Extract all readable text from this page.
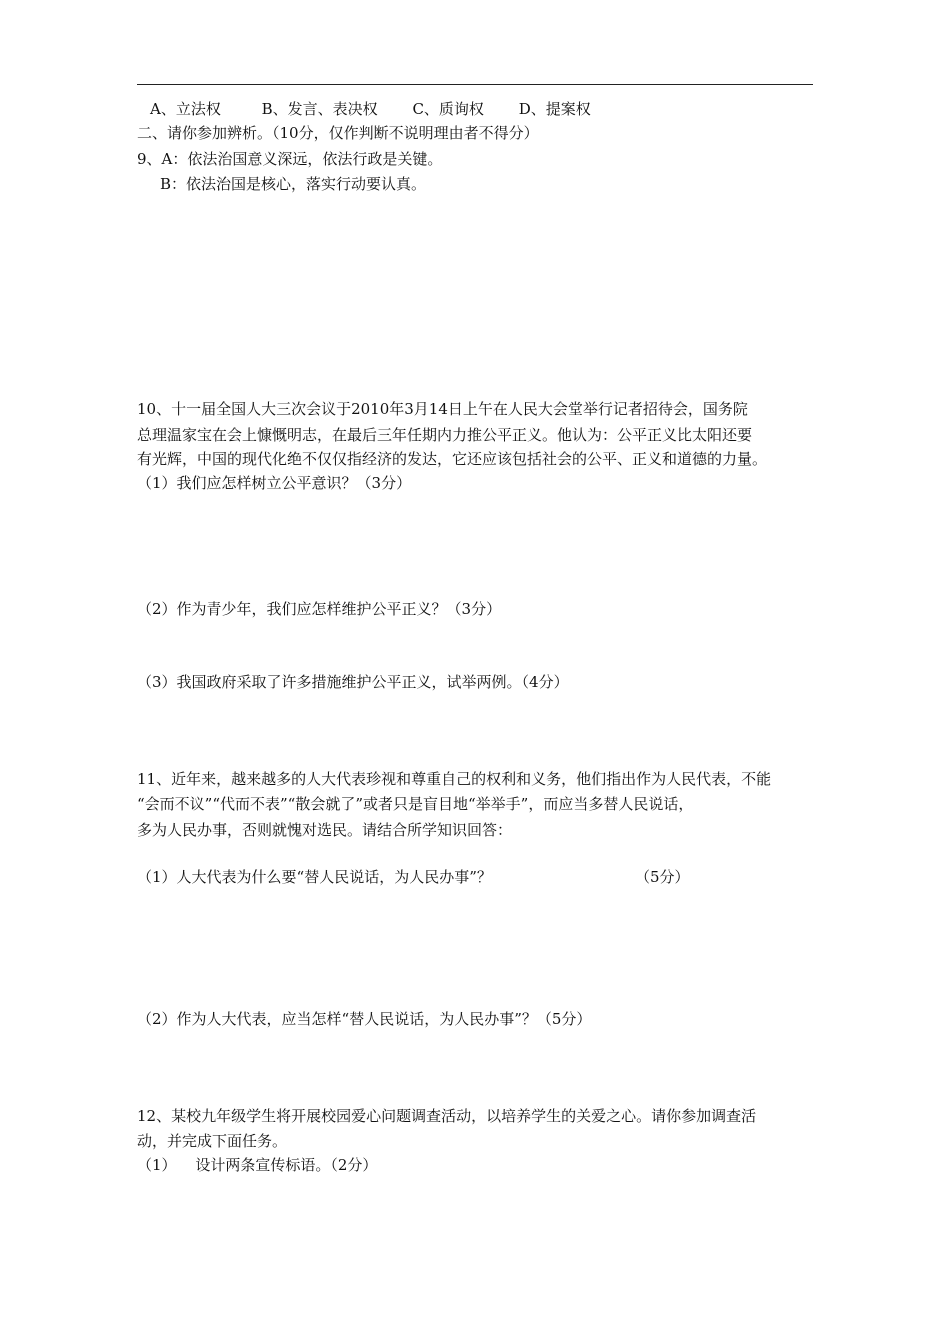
A、立法权	B、发言、表决权 C、质询权 D、提案权
二、请你参加辨析。（10分，仅作判断不说明理由者不得分）
9、A：依法治国意义深远，依法行政是关键。
B：依法治国是核心，落实行动要认真。
10、十一届全国人大三次会议于2010年3月14日上午在人民大会堂举行记者招待会，国务院
总理温家宝在会上慷慨明志，在最后三年任期内力推公平正义。他认为：公平正义比太阳还要
有光辉，中国的现代化绝不仅仅指经济的发达，它还应该包括社会的公平、正义和道德的力量。
（1）我们应怎样树立公平意识？（3分）
（2）作为青少年，我们应怎样维护公平正义？（3分）
（3）我国政府采取了许多措施维护公平正义，试举两例。（4分）
11、近年来，越来越多的人大代表珍视和尊重自己的权利和义务，他们指出作为人民代表，不能
“会而不议”“代而不表”“散会就了”或者只是盲目地“举举手”，而应当多替人民说话，
多为人民办事，否则就愧对选民。请结合所学知识回答：
（1）人大代表为什么要“替人民说话，为人民办事”？	（5分）
（2）作为人大代表，应当怎样“替人民说话，为人民办事”？（5分）
12、某校九年级学生将开展校园爱心问题调查活动，以培养学生的关爱之心。请你参加调查活
动，并完成下面任务。
（1） 设计两条宣传标语。（2分）
